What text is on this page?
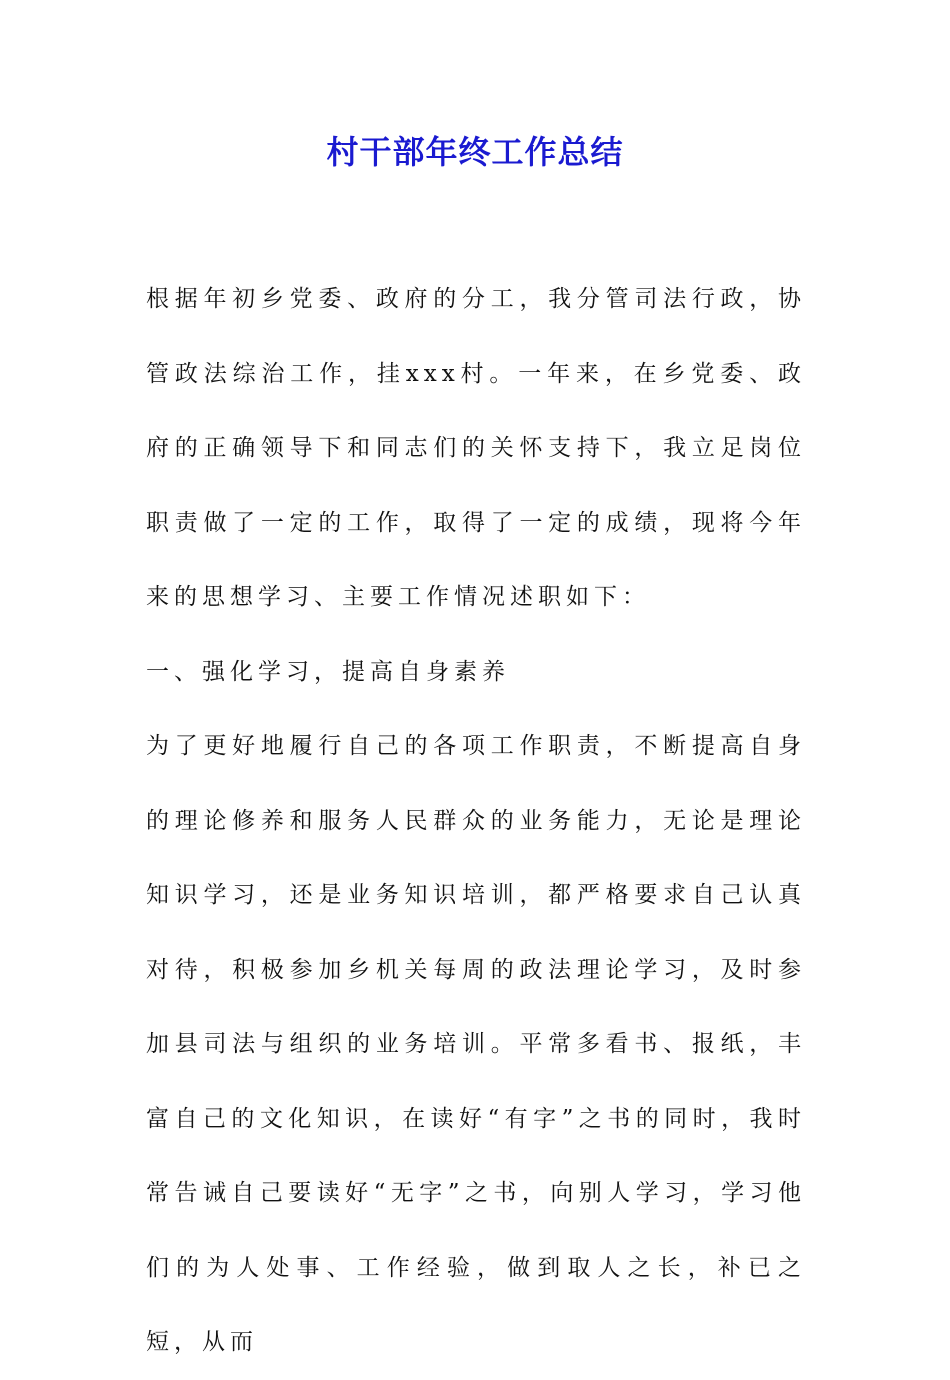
村干部年终工作总结

根据年初乡党委、政府的分工，我分管司法行政，协管政法综治工作，挂xxx村。一年来，在乡党委、政府的正确领导下和同志们的关怀支持下，我立足岗位职责做了一定的工作，取得了一定的成绩，现将今年来的思想学习、主要工作情况述职如下：

一、强化学习，提高自身素养

为了更好地履行自己的各项工作职责，不断提高自身的理论修养和服务人民群众的业务能力，无论是理论知识学习，还是业务知识培训，都严格要求自己认真对待，积极参加乡机关每周的政法理论学习，及时参加县司法与组织的业务培训。平常多看书、报纸，丰富自己的文化知识，在读好“有字”之书的同时，我时常告诫自己要读好“无字”之书，向别人学习，学习他们的为人处事、工作经验，做到取人之长，补已之短，从而
